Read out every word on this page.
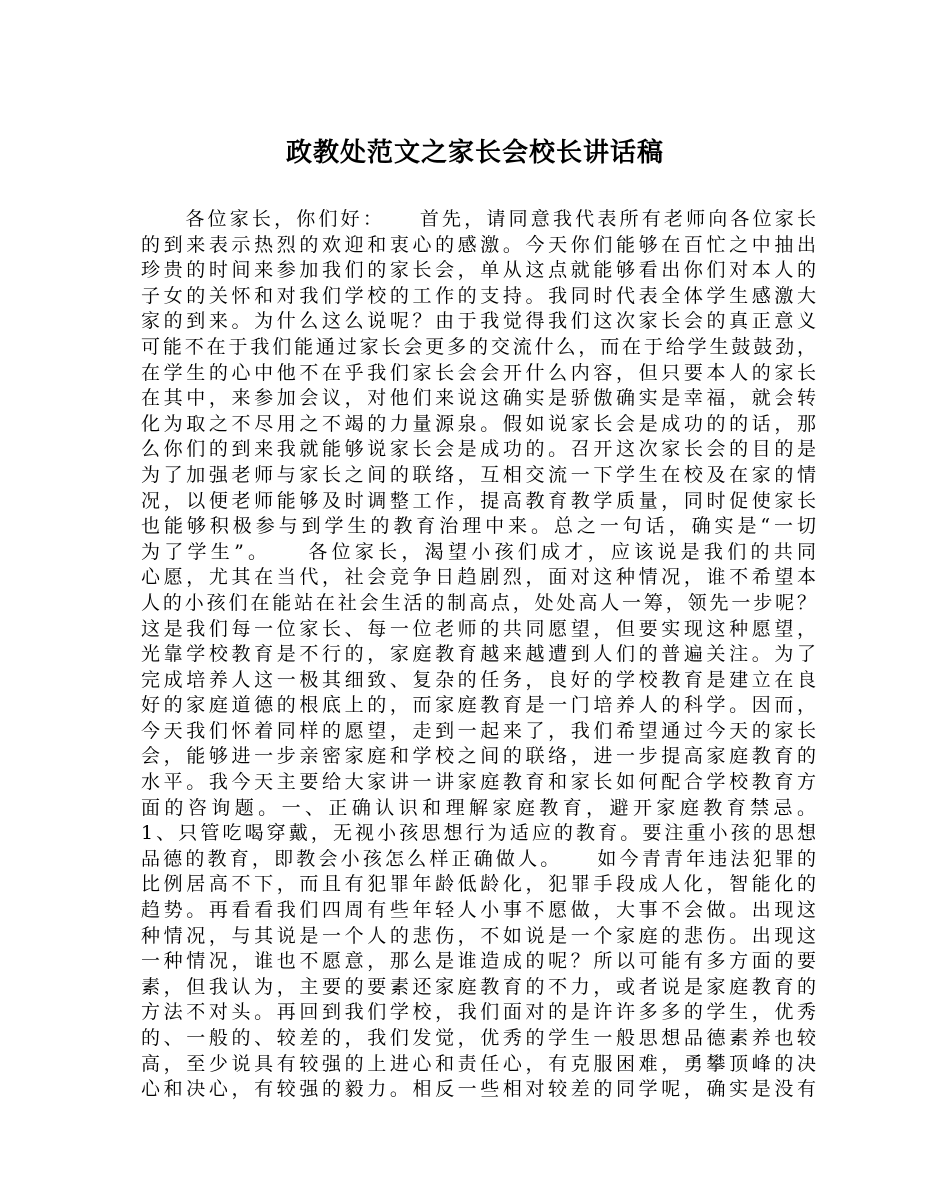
政教处范文之家长会校长讲话稿
　　各位家长，你们好：　　首先，请同意我代表所有老师向各位家长
的到来表示热烈的欢迎和衷心的感激。今天你们能够在百忙之中抽出
珍贵的时间来参加我们的家长会，单从这点就能够看出你们对本人的
子女的关怀和对我们学校的工作的支持。我同时代表全体学生感激大
家的到来。为什么这么说呢？由于我觉得我们这次家长会的真正意义
可能不在于我们能通过家长会更多的交流什么，而在于给学生鼓鼓劲，
在学生的心中他不在乎我们家长会会开什么内容，但只要本人的家长
在其中，来参加会议，对他们来说这确实是骄傲确实是幸福，就会转
化为取之不尽用之不竭的力量源泉。假如说家长会是成功的的话，那
么你们的到来我就能够说家长会是成功的。召开这次家长会的目的是
为了加强老师与家长之间的联络，互相交流一下学生在校及在家的情
况，以便老师能够及时调整工作，提高教育教学质量，同时促使家长
也能够积极参与到学生的教育治理中来。总之一句话，确实是“一切
为了学生”。　　各位家长，渴望小孩们成才，应该说是我们的共同
心愿，尤其在当代，社会竞争日趋剧烈，面对这种情况，谁不希望本
人的小孩们在能站在社会生活的制高点，处处高人一筹，领先一步呢？
这是我们每一位家长、每一位老师的共同愿望，但要实现这种愿望，
光靠学校教育是不行的，家庭教育越来越遭到人们的普遍关注。为了
完成培养人这一极其细致、复杂的任务，良好的学校教育是建立在良
好的家庭道德的根底上的，而家庭教育是一门培养人的科学。因而，
今天我们怀着同样的愿望，走到一起来了，我们希望通过今天的家长
会，能够进一步亲密家庭和学校之间的联络，进一步提高家庭教育的
水平。我今天主要给大家讲一讲家庭教育和家长如何配合学校教育方
面的咨询题。一、正确认识和理解家庭教育，避开家庭教育禁忌。
1、只管吃喝穿戴，无视小孩思想行为适应的教育。要注重小孩的思想
品德的教育，即教会小孩怎么样正确做人。　　如今青青年违法犯罪的
比例居高不下，而且有犯罪年龄低龄化，犯罪手段成人化，智能化的
趋势。再看看我们四周有些年轻人小事不愿做，大事不会做。出现这
种情况，与其说是一个人的悲伤，不如说是一个家庭的悲伤。出现这
一种情况，谁也不愿意，那么是谁造成的呢？所以可能有多方面的要
素，但我认为，主要的要素还家庭教育的不力，或者说是家庭教育的
方法不对头。再回到我们学校，我们面对的是许许多多的学生，优秀
的、一般的、较差的，我们发觉，优秀的学生一般思想品德素养也较
高，至少说具有较强的上进心和责任心，有克服困难，勇攀顶峰的决
心和决心，有较强的毅力。相反一些相对较差的同学呢，确实是没有
